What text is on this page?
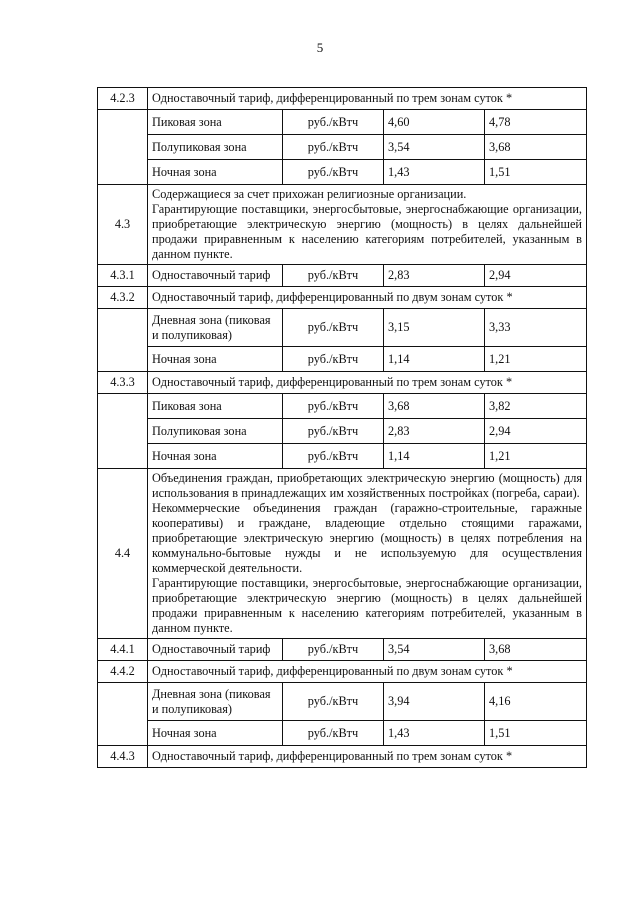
5
4.2.3	Одноставочный тариф, дифференцированный по трем зонам суток *			
	Пиковая зона	руб./кВтч	4,60	4,78
	Полупиковая зона	руб./кВтч	3,54	3,68
	Ночная зона	руб./кВтч	1,43	1,51
4.3	Содержащиеся за счет прихожан религиозные организации.
Гарантирующие поставщики, энергосбытовые, энергоснабжающие организации, приобретающие электрическую энергию (мощность) в целях дальнейшей продажи приравненным к населению категориям потребителей, указанным в данном пункте.			

4.3.1	Одноставочный тариф	руб./кВтч	2,83	2,94
4.3.2	Одноставочный тариф, дифференцированный по двум зонам суток *			
	Дневная зона (пиковая и полупиковая)	руб./кВтч	3,15	3,33
	Ночная зона	руб./кВтч	1,14	1,21
4.3.3	Одноставочный тариф, дифференцированный по трем зонам суток *			
	Пиковая зона	руб./кВтч	3,68	3,82
	Полупиковая зона	руб./кВтч	2,83	2,94
	Ночная зона	руб./кВтч	1,14	1,21
4.4	Объединения граждан, приобретающих электрическую энергию (мощность) для использования в принадлежащих им хозяйственных постройках (погреба, сараи).
Некоммерческие объединения граждан (гаражно-строительные, гаражные кооперативы) и граждане, владеющие отдельно стоящими гаражами, приобретающие электрическую энергию (мощность) в целях потребления на коммунально-бытовые нужды и не используемую для осуществления коммерческой деятельности.
Гарантирующие поставщики, энергосбытовые, энергоснабжающие организации, приобретающие электрическую энергию (мощность) в целях дальнейшей продажи приравненным к населению категориям потребителей, указанным в данном пункте.			

4.4.1	Одноставочный тариф	руб./кВтч	3,54	3,68
4.4.2	Одноставочный тариф, дифференцированный по двум зонам суток *			
	Дневная зона (пиковая и полупиковая)	руб./кВтч	3,94	4,16
	Ночная зона	руб./кВтч	1,43	1,51
4.4.3	Одноставочный тариф, дифференцированный по трем зонам суток *			
